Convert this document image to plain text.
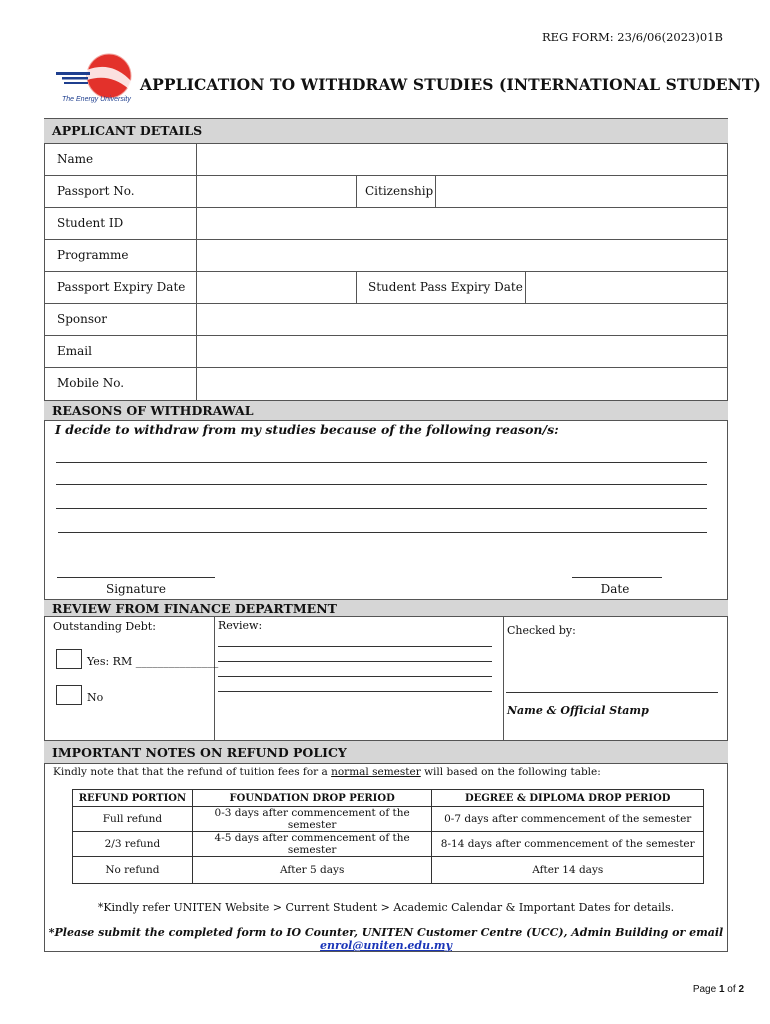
REG FORM: 23/6/06(2023)01B
The Energy University
APPLICATION TO WITHDRAW STUDIES (INTERNATIONAL STUDENT)
APPLICANT DETAILS
Name
Passport No.	Citizenship
Student ID
Programme
Passport Expiry Date	Student Pass Expiry Date
Sponsor
Email
Mobile No.
REASONS OF WITHDRAWAL
I decide to withdraw from my studies because of the following reason/s:
Signature	Date
REVIEW FROM FINANCE DEPARTMENT
Outstanding Debt:
Yes: RM _______________
No
Review:	Checked by:
Name & Official Stamp
IMPORTANT NOTES ON REFUND POLICY
Kindly note that that the refund of tuition fees for a normal semester will based on the following table:
REFUND PORTION	FOUNDATION DROP PERIOD	DEGREE & DIPLOMA DROP PERIOD
Full refund	0-3 days after commencement of the semester	0-7 days after commencement of the semester
2/3 refund	4-5 days after commencement of the semester	8-14 days after commencement of the semester
No refund	After 5 days	After 14 days
*Kindly refer UNITEN Website > Current Student > Academic Calendar & Important Dates for details.
*Please submit the completed form to IO Counter, UNITEN Customer Centre (UCC), Admin Building or email enrol@uniten.edu.my
Page 1 of 2
